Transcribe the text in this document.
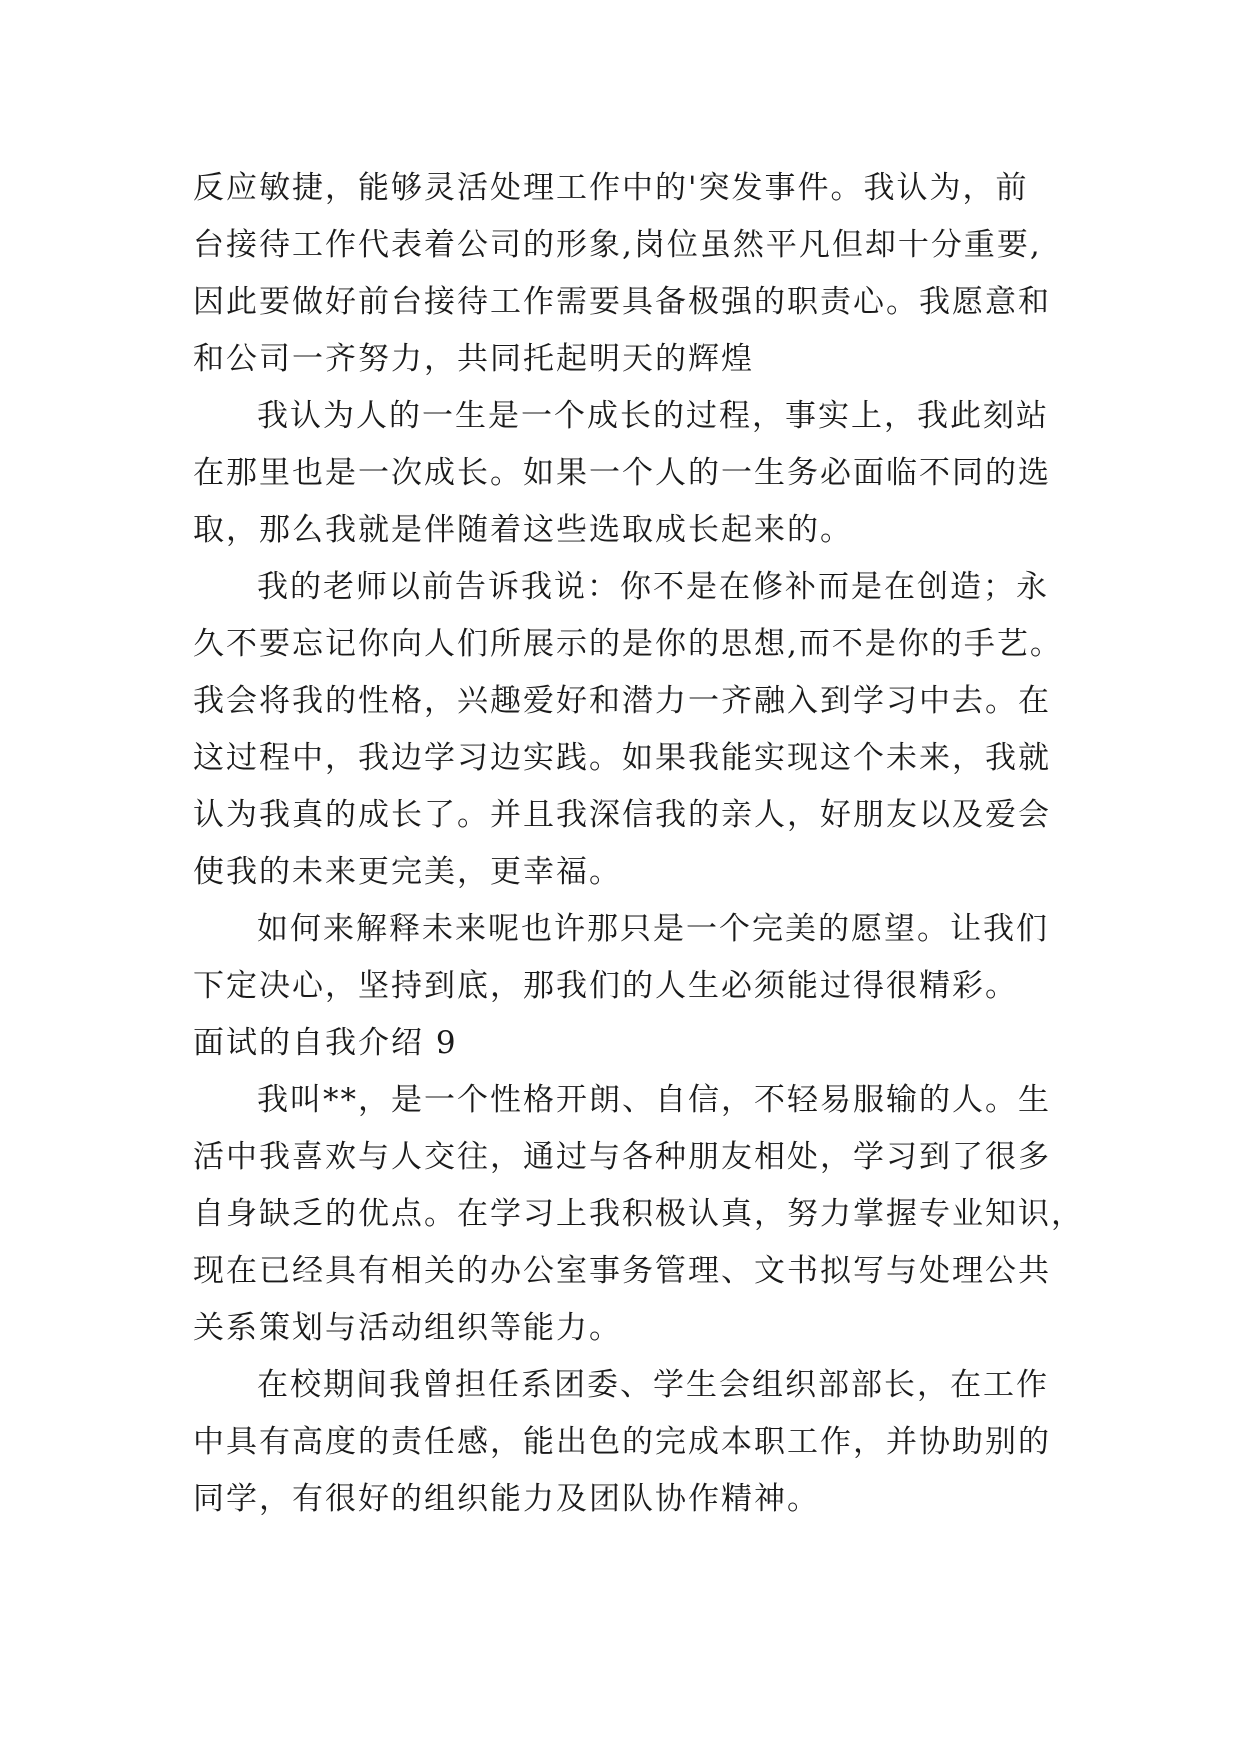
反应敏捷，能够灵活处理工作中的'突发事件。我认为，前
台接待工作代表着公司的形象,岗位虽然平凡但却十分重要,
因此要做好前台接待工作需要具备极强的职责心。我愿意和
和公司一齐努力，共同托起明天的辉煌
我认为人的一生是一个成长的过程，事实上，我此刻站
在那里也是一次成长。如果一个人的一生务必面临不同的选
取，那么我就是伴随着这些选取成长起来的。
我的老师以前告诉我说：你不是在修补而是在创造；永
久不要忘记你向人们所展示的是你的思想,而不是你的手艺。
我会将我的性格，兴趣爱好和潜力一齐融入到学习中去。在
这过程中，我边学习边实践。如果我能实现这个未来，我就
认为我真的成长了。并且我深信我的亲人，好朋友以及爱会
使我的未来更完美，更幸福。
如何来解释未来呢也许那只是一个完美的愿望。让我们
下定决心，坚持到底，那我们的人生必须能过得很精彩。
面试的自我介绍 9
我叫**，是一个性格开朗、自信，不轻易服输的人。生
活中我喜欢与人交往，通过与各种朋友相处，学习到了很多
自身缺乏的优点。在学习上我积极认真，努力掌握专业知识，
现在已经具有相关的办公室事务管理、文书拟写与处理公共
关系策划与活动组织等能力。
在校期间我曾担任系团委、学生会组织部部长，在工作
中具有高度的责任感，能出色的完成本职工作，并协助别的
同学，有很好的组织能力及团队协作精神。
